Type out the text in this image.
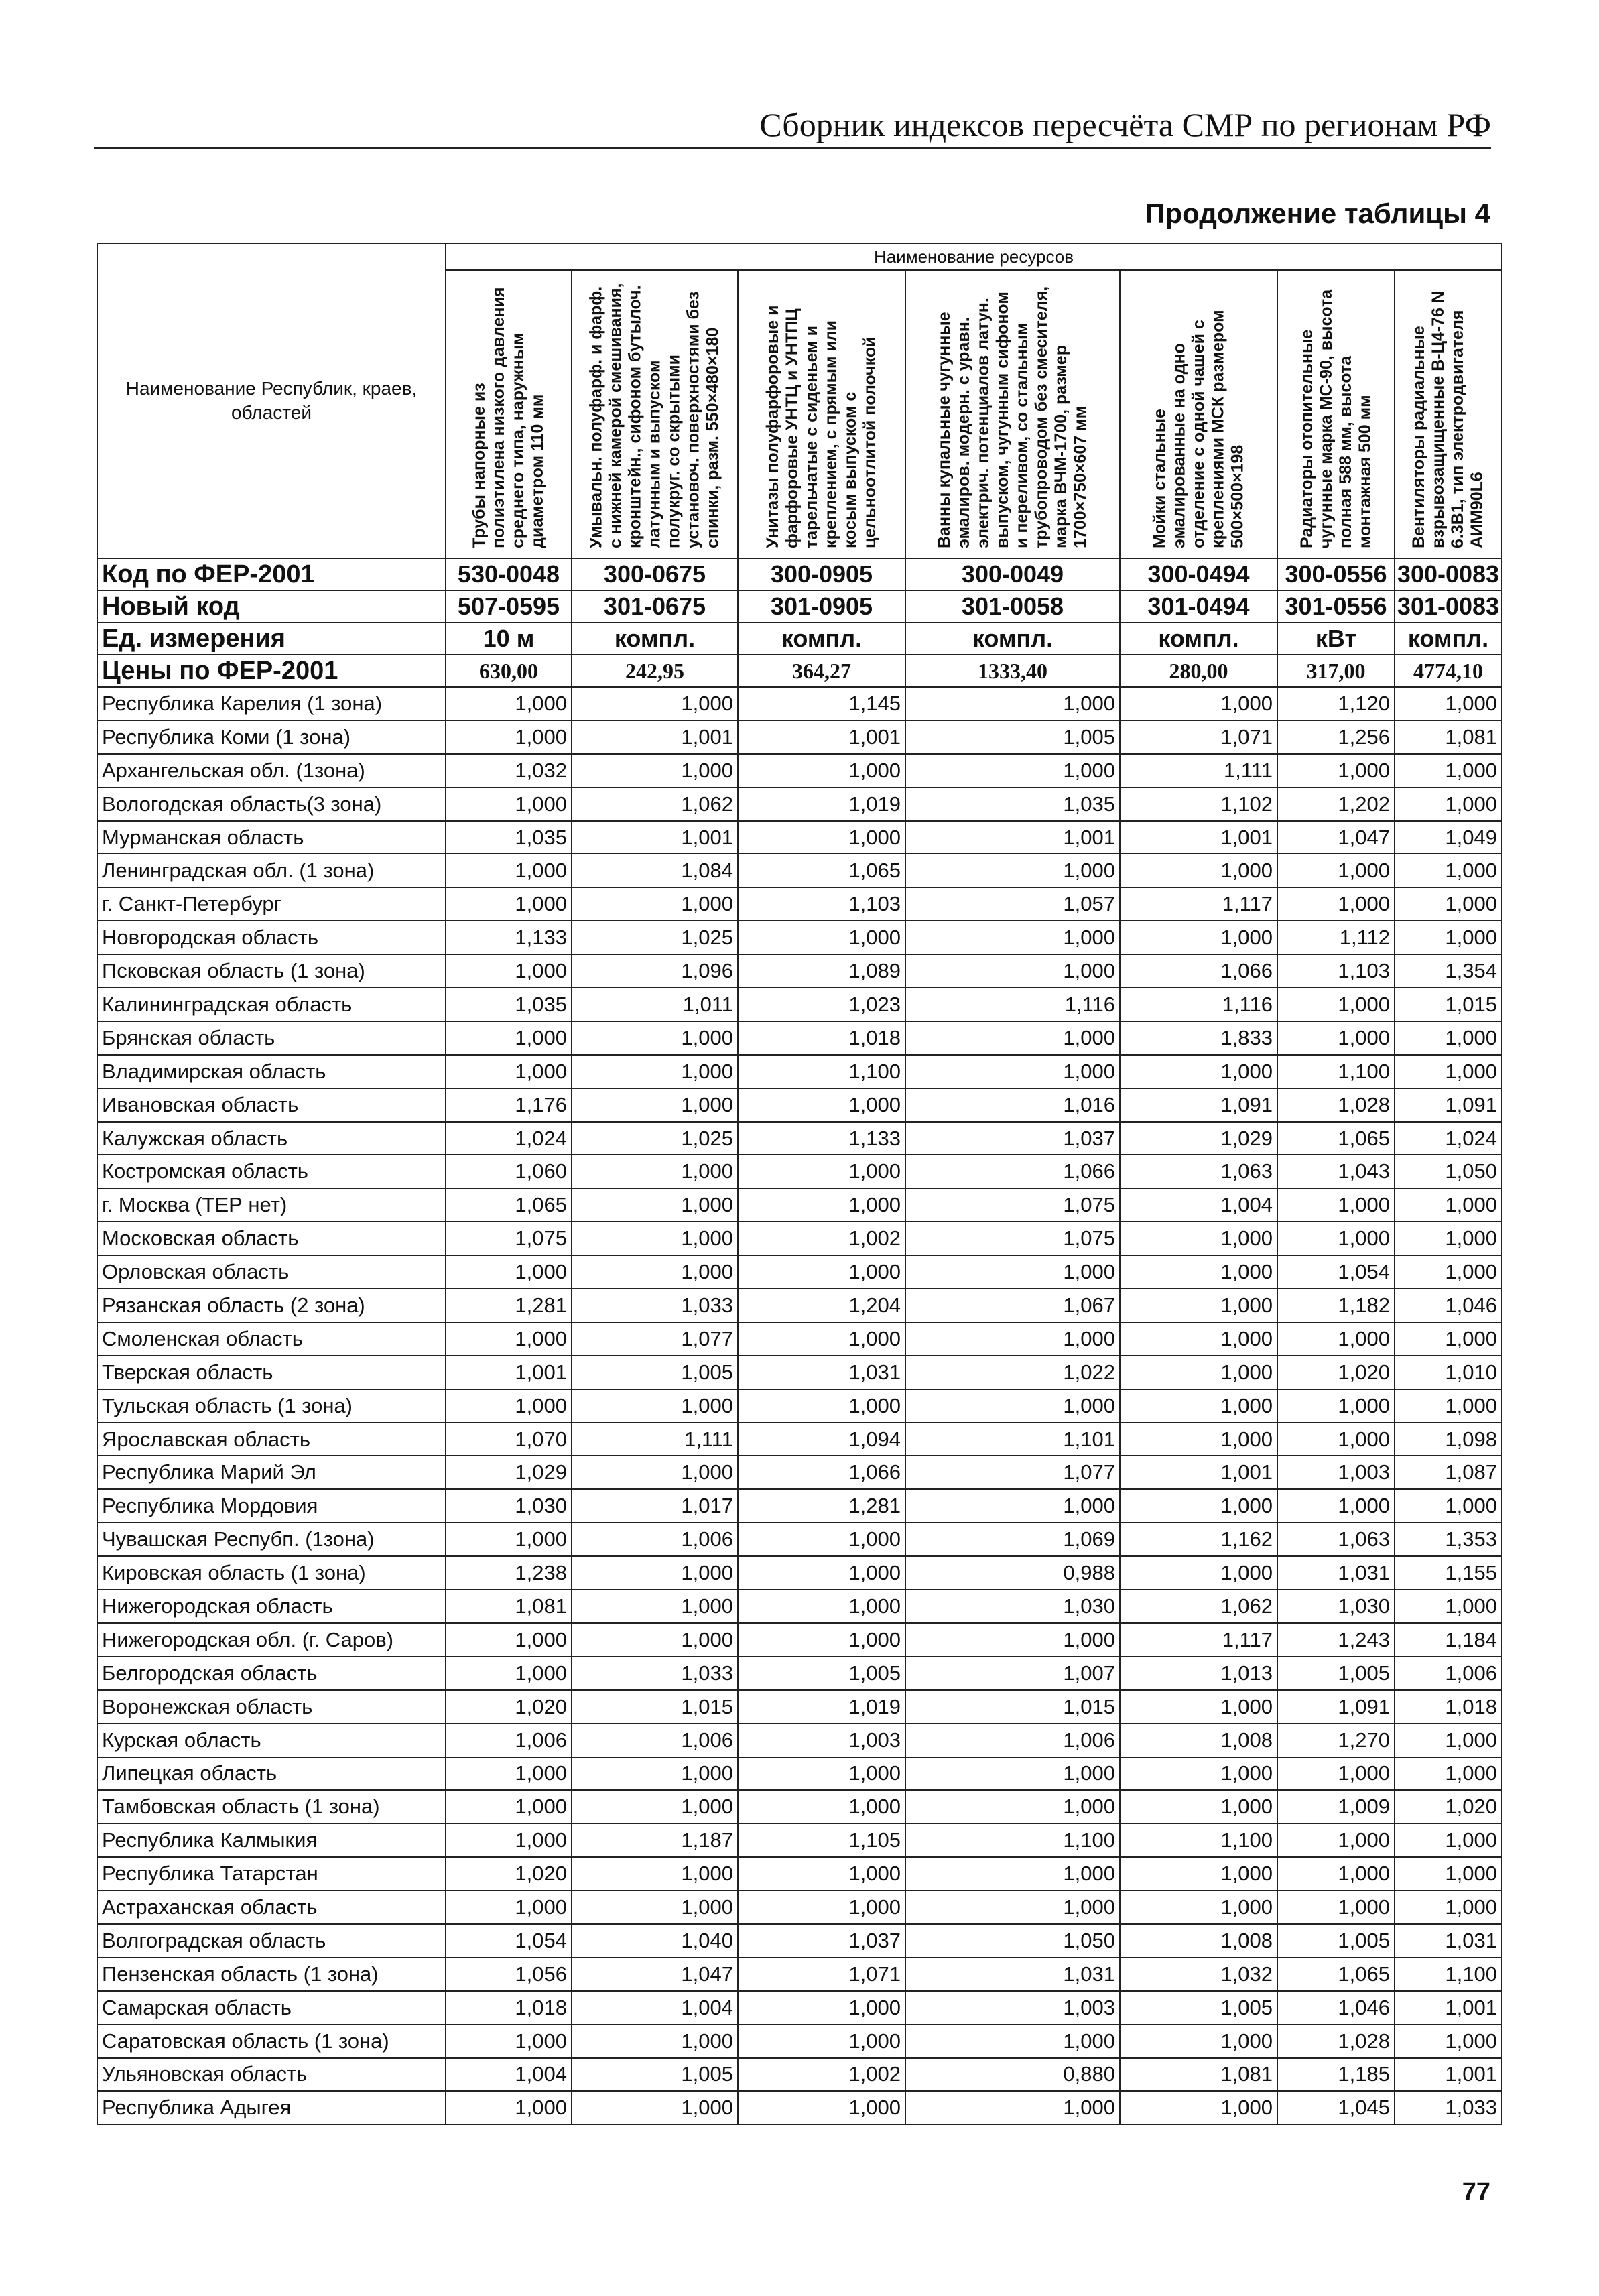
Сборник индексов пересчёта СМР по регионам РФ
Продолжение таблицы 4
Наименование Республик, краев, областей	Наименование ресурсов						

	Трубы напорные из полиэтилена низкого давления среднего типа, наружным диаметром 110 мм	Умывальн. полуфарф. и фарф. с нижней камерой смешивания, кронштейн., сифоном бутылоч. латунным и выпуском полукруг. со скрытыми установоч. поверхностями без спинки, разм. 550×480×180	Унитазы полуфарфоровые и фарфоровые УНТЦ и УНТПЦ тарельчатые с сиденьем и креплением, с прямым или косым выпуском с цельноотлитой полочкой	Ванны купальные чугунные эмалиров. модерн. с уравн. электрич. потенциалов латун. выпуском, чугунным сифоном и переливом, со стальным трубопроводом без смесителя, марка ВЧМ-1700, размер 1700×750×607 мм	Мойки стальные эмалированные на одно отделение с одной чашей с креплениями МСК размером 500×500×198	Радиаторы отопительные чугунные марка МС-90, высота полная 588 мм, высота монтажная 500 мм	Вентиляторы радиальные взрывозащищенные В-Ц4-76 N 6.3В1, тип электродвигателя АИМ90L6

Код по ФЕР-2001	530-0048	300-0675	300-0905	300-0049	300-0494	300-0556	300-0083
Новый код	507-0595	301-0675	301-0905	301-0058	301-0494	301-0556	301-0083
Ед. измерения	10 м	компл.	компл.	компл.	компл.	кВт	компл.
Цены по ФЕР-2001	630,00	242,95	364,27	1333,40	280,00	317,00	4774,10
Республика Карелия (1 зона)	1,000	1,000	1,145	1,000	1,000	1,120	1,000
Республика Коми (1 зона)	1,000	1,001	1,001	1,005	1,071	1,256	1,081
Архангельская обл. (1зона)	1,032	1,000	1,000	1,000	1,111	1,000	1,000
Вологодская область(3 зона)	1,000	1,062	1,019	1,035	1,102	1,202	1,000
Мурманская область	1,035	1,001	1,000	1,001	1,001	1,047	1,049
Ленинградская обл. (1 зона)	1,000	1,084	1,065	1,000	1,000	1,000	1,000
г. Санкт-Петербург	1,000	1,000	1,103	1,057	1,117	1,000	1,000
Новгородская область	1,133	1,025	1,000	1,000	1,000	1,112	1,000
Псковская область (1 зона)	1,000	1,096	1,089	1,000	1,066	1,103	1,354
Калининградская область	1,035	1,011	1,023	1,116	1,116	1,000	1,015
Брянская область	1,000	1,000	1,018	1,000	1,833	1,000	1,000
Владимирская область	1,000	1,000	1,100	1,000	1,000	1,100	1,000
Ивановская область	1,176	1,000	1,000	1,016	1,091	1,028	1,091
Калужская область	1,024	1,025	1,133	1,037	1,029	1,065	1,024
Костромская область	1,060	1,000	1,000	1,066	1,063	1,043	1,050
г. Москва (ТЕР нет)	1,065	1,000	1,000	1,075	1,004	1,000	1,000
Московская область	1,075	1,000	1,002	1,075	1,000	1,000	1,000
Орловская область	1,000	1,000	1,000	1,000	1,000	1,054	1,000
Рязанская область (2 зона)	1,281	1,033	1,204	1,067	1,000	1,182	1,046
Смоленская область	1,000	1,077	1,000	1,000	1,000	1,000	1,000
Тверская область	1,001	1,005	1,031	1,022	1,000	1,020	1,010
Тульская область (1 зона)	1,000	1,000	1,000	1,000	1,000	1,000	1,000
Ярославская область	1,070	1,111	1,094	1,101	1,000	1,000	1,098
Республика Марий Эл	1,029	1,000	1,066	1,077	1,001	1,003	1,087
Республика Мордовия	1,030	1,017	1,281	1,000	1,000	1,000	1,000
Чувашская Респубп. (1зона)	1,000	1,006	1,000	1,069	1,162	1,063	1,353
Кировская область (1 зона)	1,238	1,000	1,000	0,988	1,000	1,031	1,155
Нижегородская область	1,081	1,000	1,000	1,030	1,062	1,030	1,000
Нижегородская обл. (г. Саров)	1,000	1,000	1,000	1,000	1,117	1,243	1,184
Белгородская область	1,000	1,033	1,005	1,007	1,013	1,005	1,006
Воронежская область	1,020	1,015	1,019	1,015	1,000	1,091	1,018
Курская область	1,006	1,006	1,003	1,006	1,008	1,270	1,000
Липецкая область	1,000	1,000	1,000	1,000	1,000	1,000	1,000
Тамбовская область (1 зона)	1,000	1,000	1,000	1,000	1,000	1,009	1,020
Республика Калмыкия	1,000	1,187	1,105	1,100	1,100	1,000	1,000
Республика Татарстан	1,020	1,000	1,000	1,000	1,000	1,000	1,000
Астраханская область	1,000	1,000	1,000	1,000	1,000	1,000	1,000
Волгоградская область	1,054	1,040	1,037	1,050	1,008	1,005	1,031
Пензенская область (1 зона)	1,056	1,047	1,071	1,031	1,032	1,065	1,100
Самарская область	1,018	1,004	1,000	1,003	1,005	1,046	1,001
Саратовская область (1 зона)	1,000	1,000	1,000	1,000	1,000	1,028	1,000
Ульяновская область	1,004	1,005	1,002	0,880	1,081	1,185	1,001
Республика Адыгея	1,000	1,000	1,000	1,000	1,000	1,045	1,033
77
